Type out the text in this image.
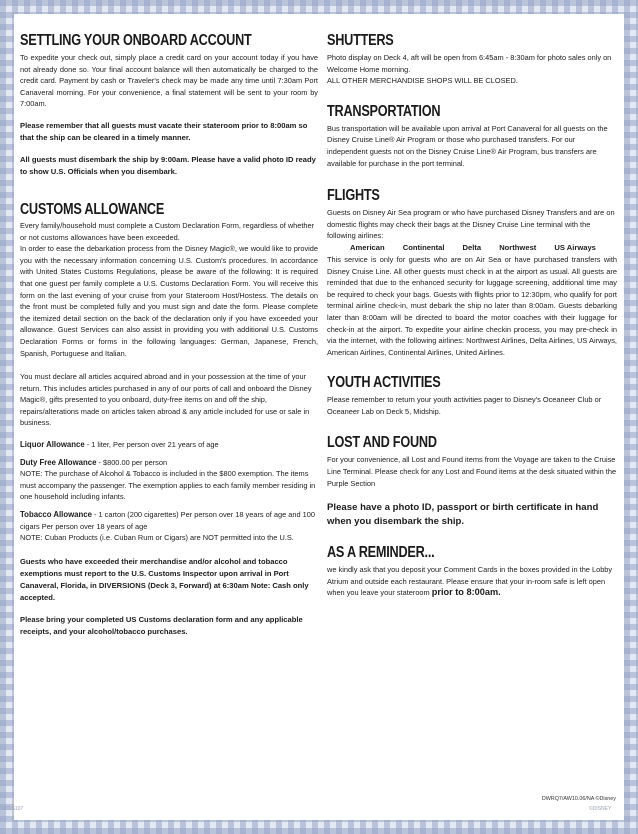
SETTLING YOUR ONBOARD ACCOUNT

To expedite your check out, simply place a credit card on your account today if you have not already done so. Your final account balance will then automatically be charged to the credit card. Payment by cash or Traveler's check may be made any time until 7:30am Port Canaveral morning. For your convenience, a final statement will be sent to your room by 7:00am.

Please remember that all guests must vacate their stateroom prior to 8:00am so that the ship can be cleared in a timely manner.

All guests must disembark the ship by 9:00am. Please have a valid photo ID ready to show U.S. Officials when you disembark.

CUSTOMS ALLOWANCE

Every family/household must complete a Custom Declaration Form, regardless of whether or not customs allowances have been exceeded.

In order to ease the debarkation process from the Disney Magic®, we would like to provide you with the necessary information concerning U.S. Custom's procedures. In accordance with United States Customs Regulations, please be aware of the following: It is required that one guest per family complete a U.S. Customs Declaration Form. You will receive this form on the last evening of your cruise from your Stateroom Host/Hostess. The details on the front must be completed fully and you must sign and date the form. Please complete the itemized detail section on the back of the declaration only if you have exceeded your allowance. Guest Services can also assist in providing you with additional U.S. Customs Declaration Forms or forms in the following languages: German, Japanese, French, Spanish, Portuguese and Italian.

You must declare all articles acquired abroad and in your possession at the time of your return. This includes articles purchased in any of our ports of call and onboard the Disney Magic®, gifts presented to you onboard, duty-free items on and off the ship, repairs/alterations made on articles taken abroad & any article included for use or sale in business.

Liquor Allowance - 1 liter, Per person over 21 years of age

Duty Free Allowance - $800.00 per person

NOTE: The purchase of Alcohol & Tobacco is included in the $800 exemption. The items must accompany the passenger. The exemption applies to each family member residing in one household including infants.

Tobacco Allowance - 1 carton (200 cigarettes) Per person over 18 years of age and 100 cigars Per person over 18 years of age

NOTE: Cuban Products (i.e. Cuban Rum or Cigars) are NOT permitted into the U.S.

Guests who have exceeded their merchandise and/or alcohol and tobacco exemptions must report to the U.S. Customs Inspector upon arrival in Port Canaveral, Florida, in DIVERSIONS (Deck 3, Forward) at 6:30am Note: Cash only accepted.

Please bring your completed US Customs declaration form and any applicable receipts, and your alcohol/tobacco purchases.

SHUTTERS

Photo display on Deck 4, aft will be open from 6:45am - 8:30am for photo sales only on Welcome Home morning.

ALL OTHER MERCHANDISE SHOPS WILL BE CLOSED.

TRANSPORTATION

Bus transportation will be available upon arrival at Port Canaveral for all guests on the Disney Cruise Line® Air Program or those who purchased transfers. For our independent guests not on the Disney Cruise Line® Air Program, bus transfers are available for purchase in the port terminal.

FLIGHTS

Guests on Disney Air Sea program or who have purchased Disney Transfers and are on domestic flights may check their bags at the Disney Cruise Line terminal with the following airlines:

American Continental Delta Northwest US Airways

This service is only for guests who are on Air Sea or have purchased transfers with Disney Cruise Line. All other guests must check in at the airport as usual. All guests are reminded that due to the enhanced security for luggage screening, additional time may be required to check your bags. Guests with flights prior to 12:30pm, who qualify for port terminal airline check-in, must debark the ship no later than 8:00am. Guests debarking later than 8:00am will be directed to board the motor coaches with their luggage for check-in at the airport. To expedite your airline checkin process, you may pre-check in via the internet, with the following airlines: Northwest Airlines, Delta Airlines, US Airways, American Airlines, Continental Airlines, United Airlines.

YOUTH ACTIVITIES

Please remember to return your youth activities pager to Disney's Oceaneer Club or Oceaneer Lab on Deck 5, Midship.

LOST AND FOUND

For your convenience, all Lost and Found items from the Voyage are taken to the Cruise Line Terminal. Please check for any Lost and Found items at the desk situated within the Purple Section

Please have a photo ID, passport or birth certificate in hand when you disembark the ship.

AS A REMINDER...

we kindly ask that you deposit your Comment Cards in the boxes provided in the Lobby Atrium and outside each restaurant. Please ensure that your in-room safe is left open when you leave your stateroom prior to 8:00am.

DWRQ7/AW10.06/NA ©Disney
DCL5107	©DISNEY
